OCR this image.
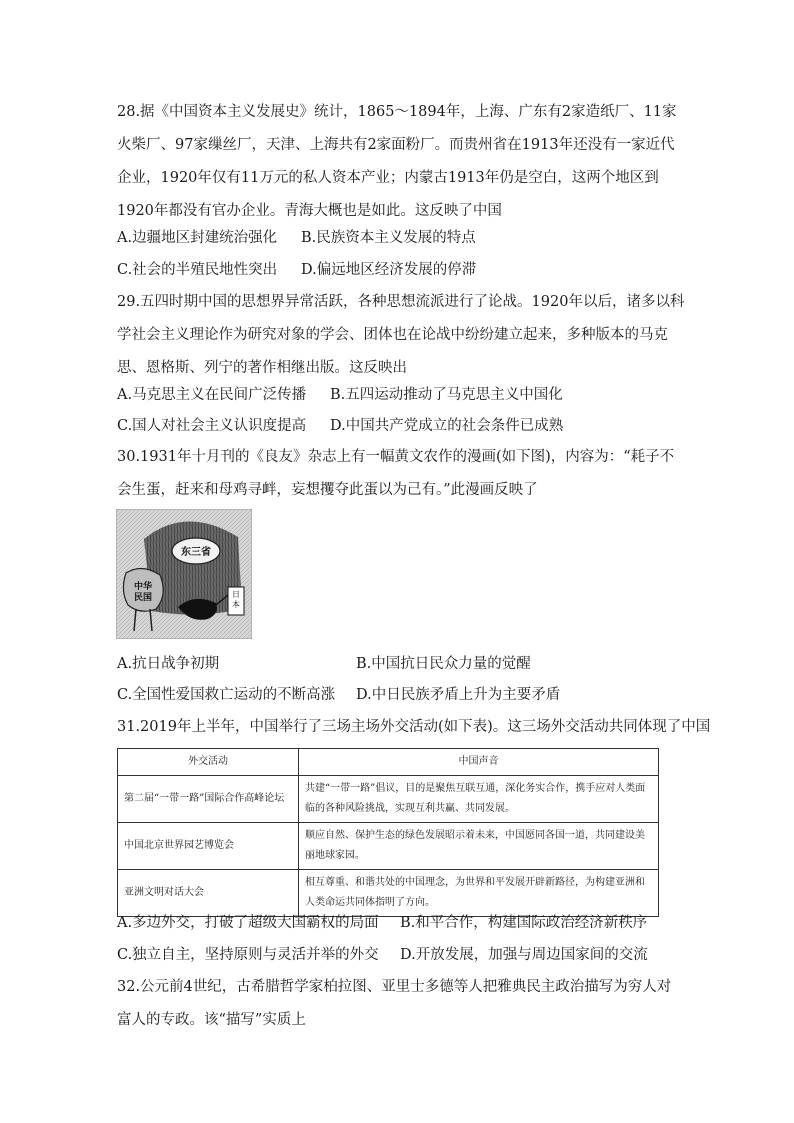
28.据《中国资本主义发展史》统计，1865～1894年，上海、广东有2家造纸厂、11家火柴厂、97家缫丝厂，天津、上海共有2家面粉厂。而贵州省在1913年还没有一家近代企业，1920年仅有11万元的私人资本产业；内蒙古1913年仍是空白，这两个地区到1920年都没有官办企业。青海大概也是如此。这反映了中国
A.边疆地区封建统治强化 B.民族资本主义发展的特点
C.社会的半殖民地性突出 D.偏远地区经济发展的停滞
29.五四时期中国的思想界异常活跃，各种思想流派进行了论战。1920年以后，诸多以科学社会主义理论作为研究对象的学会、团体也在论战中纷纷建立起来，多种版本的马克思、恩格斯、列宁的著作相继出版。这反映出
A.马克思主义在民间广泛传播 B.五四运动推动了马克思主义中国化
C.国人对社会主义认识度提高 D.中国共产党成立的社会条件已成熟
30.1931年十月刊的《良友》杂志上有一幅黄文农作的漫画(如下图)，内容为：“耗子不会生蛋，赶来和母鸡寻衅，妄想攫夺此蛋以为己有。”此漫画反映了
东三省
中华民国	日本
A.抗日战争初期	B.中国抗日民众力量的觉醒
C.全国性爱国救亡运动的不断高涨 D.中日民族矛盾上升为主要矛盾
31.2019年上半年，中国举行了三场主场外交活动(如下表)。这三场外交活动共同体现了中国
外交活动	中国声音
第二届“一带一路”国际合作高峰论坛	共建“一带一路”倡议，目的是聚焦互联互通，深化务实合作，携手应对人类面临的各种风险挑战，实现互利共赢、共同发展。
中国北京世界园艺博览会	顺应自然、保护生态的绿色发展昭示着未来，中国愿同各国一道，共同建设美丽地球家园。
亚洲文明对话大会	相互尊重、和谐共处的中国理念，为世界和平发展开辟新路径，为构建亚洲和人类命运共同体指明了方向。
A.多边外交，打破了超级大国霸权的局面 B.和平合作，构建国际政治经济新秩序
C.独立自主，坚持原则与灵活并举的外交 D.开放发展，加强与周边国家间的交流
32.公元前4世纪，古希腊哲学家柏拉图、亚里士多德等人把雅典民主政治描写为穷人对富人的专政。该“描写”实质上
